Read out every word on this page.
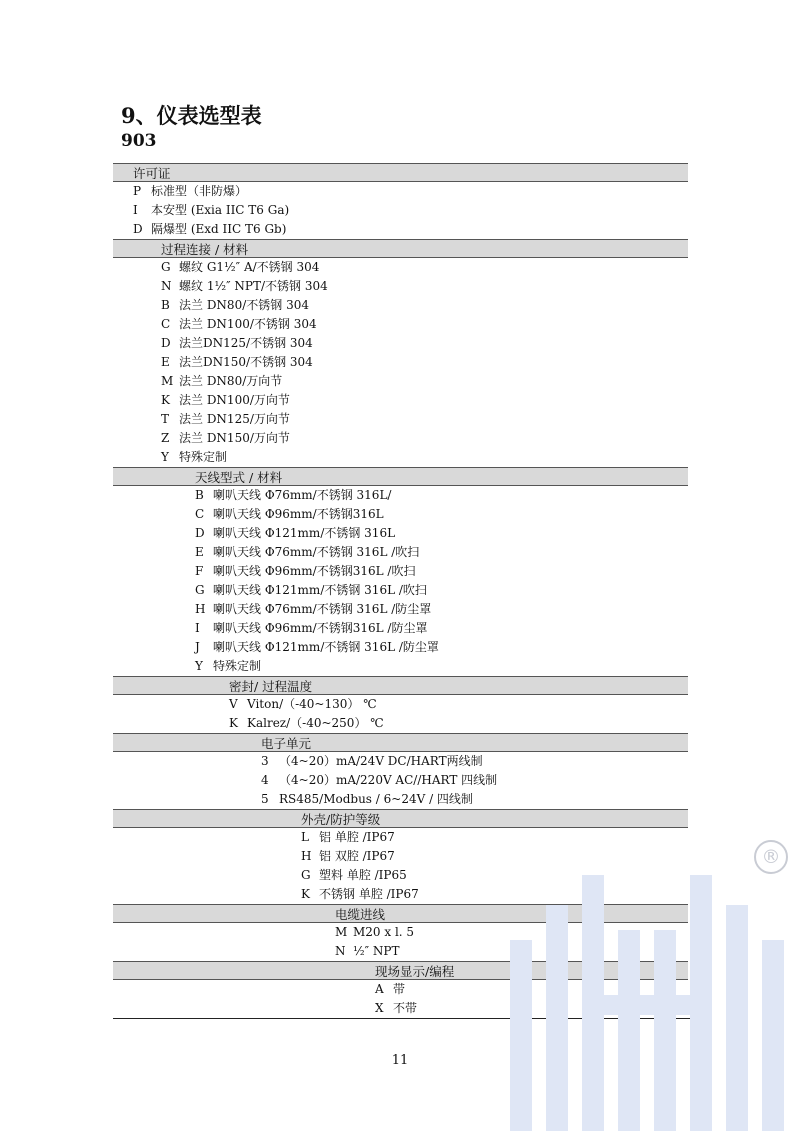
9、仪表选型表
903
许可证
P 标准型（非防爆）
I 本安型 (Exia IIC T6 Ga)
D 隔爆型 (Exd IIC T6 Gb)
过程连接 / 材料
G 螺纹 G1½″ A/不锈钢 304
N 螺纹 1½″ NPT/不锈钢 304
B 法兰 DN80/不锈钢 304
C 法兰 DN100/不锈钢 304
D 法兰DN125/不锈钢 304
E 法兰DN150/不锈钢 304
M 法兰 DN80/万向节
K 法兰 DN100/万向节
T 法兰 DN125/万向节
Z 法兰 DN150/万向节
Y 特殊定制
天线型式 / 材料
B 喇叭天线 Φ76mm/不锈钢 316L/
C 喇叭天线 Φ96mm/不锈钢316L
D 喇叭天线 Φ121mm/不锈钢 316L
E 喇叭天线 Φ76mm/不锈钢 316L /吹扫
F 喇叭天线 Φ96mm/不锈钢316L /吹扫
G 喇叭天线 Φ121mm/不锈钢 316L /吹扫
H 喇叭天线 Φ76mm/不锈钢 316L /防尘罩
I 喇叭天线 Φ96mm/不锈钢316L /防尘罩
J 喇叭天线 Φ121mm/不锈钢 316L /防尘罩
Y 特殊定制
密封/ 过程温度
V Viton/（-40~130） ℃
K Kalrez/（-40~250） ℃
电子单元
3 （4~20）mA/24V DC/HART两线制
4 （4~20）mA/220V AC//HART 四线制
5 RS485/Modbus / 6~24V / 四线制
外壳/防护等级
L 铝 单腔 /IP67
H 铝 双腔 /IP67
G 塑料 单腔 /IP65
K 不锈钢 单腔 /IP67
电缆进线
M M20 x l. 5
N ½″ NPT
现场显示/编程
A 带
X 不带
11
®
